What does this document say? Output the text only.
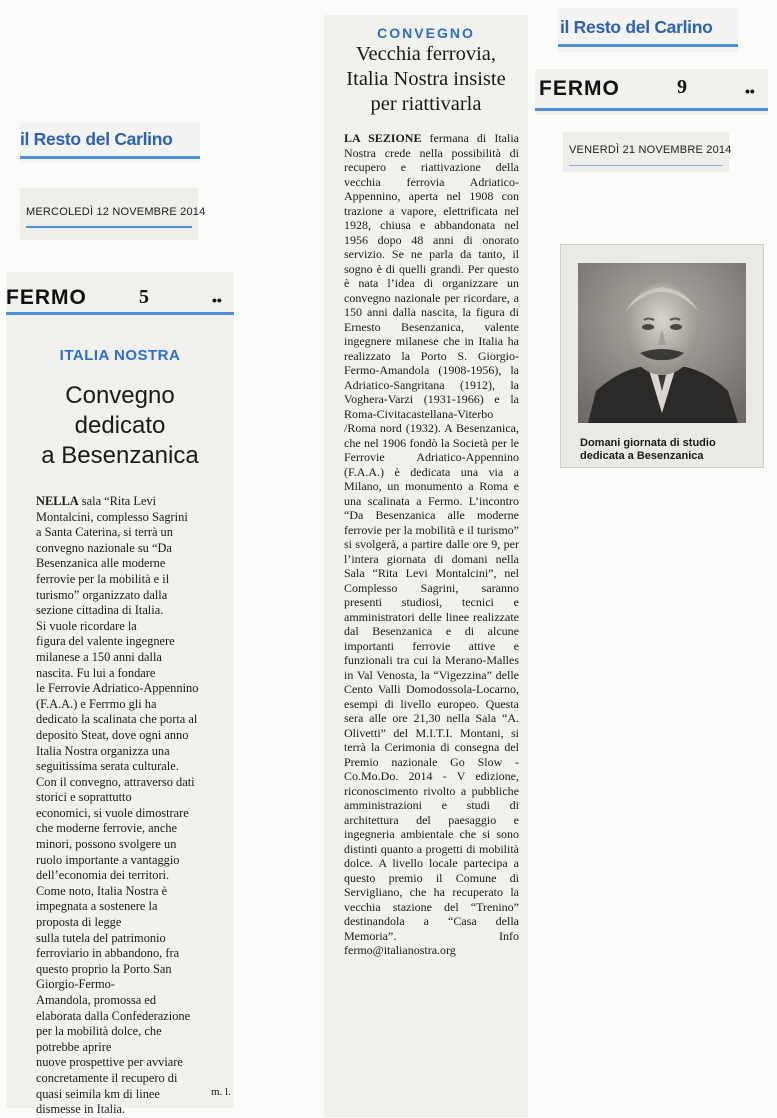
il Resto del Carlino
MERCOLEDÌ 12 NOVEMBRE 2014
FERMO	5	••
ITALIA NOSTRA
Convegno
dedicato
a Besenzanica
NELLA sala “Rita Levi
Montalcini, complesso Sagrini
a Santa Caterina, si terrà un
convegno nazionale su “Da
Besenzanica alle moderne
ferrovie per la mobilità e il
turismo” organizzato dalla
sezione cittadina di Italia.
Si vuole ricordare la
figura del valente ingegnere
milanese a 150 anni dalla
nascita. Fu lui a fondare
le Ferrovie Adriatico-Appennino
(F.A.A.) e Ferrmo gli ha
dedicato la scalinata che porta al
deposito Steat, dove ogni anno
Italia Nostra organizza una
seguitissima serata culturale.
Con il convegno, attraverso dati
storici e soprattutto
economici, si vuole dimostrare
che moderne ferrovie, anche
minori, possono svolgere un
ruolo importante a vantaggio
dell’economia dei territori.
Come noto, Italia Nostra è
impegnata a sostenere la
proposta di legge
sulla tutela del patrimonio
ferroviario in abbandono, fra
questo proprio la Porto San
Giorgio-Fermo-
Amandola, promossa ed
elaborata dalla Confederazione
per la mobilità dolce, che
potrebbe aprire
nuove prospettive per avviare
concretamente il recupero di
quasi seimila km di linee
dismesse in Italia.
m. l.
CONVEGNO
Vecchia ferrovia,
Italia Nostra insiste
per riattivarla
LA SEZIONE fermana di Italia Nostra crede nella possibilità di recupero e riattivazione della vecchia ferrovia Adriatico-Appennino, aperta nel 1908 con trazione a vapore, elettrificata nel 1928, chiusa e abbandonata nel 1956 dopo 48 anni di onorato servizio. Se ne parla da tanto, il sogno è di quelli grandi. Per questo è nata l’idea di organizzare un convegno nazionale per ricordare, a 150 anni dalla nascita, la figura di Ernesto Besenzanica, valente ingegnere milanese che in Italia ha realizzato la Porto S. Giorgio-Fermo-Amandola (1908-1956), la Adriatico-Sangritana (1912), la Voghera-Varzi (1931-1966) e la Roma-Civitacastellana-Viterbo /Roma nord (1932). A Besenzanica, che nel 1906 fondò la Società per le Ferrovie Adriatico-Appennino (F.A.A.) è dedicata una via a Milano, un monumento a Roma e una scalinata a Fermo. L’incontro “Da Besenzanica alle moderne ferrovie per la mobilità e il turismo” si svolgerà, a partire dalle ore 9, per l’intera giornata di domani nella Sala “Rita Levi Montalcini”, nel Complesso Sagrini, saranno presenti studiosi, tecnici e amministratori delle linee realizzate dal Besenzanica e di alcune importanti ferrovie attive e funzionali tra cui la Merano-Malles in Val Venosta, la “Vigezzina” delle Cento Valli Domodossola-Locarno, esempi di livello europeo. Questa sera alle ore 21,30 nella Sala “A. Olivetti” del M.I.T.I. Montani, si terrà la Cerimonia di consegna del Premio nazionale Go Slow - Co.Mo.Do. 2014 - V edizione, riconoscimento rivolto a pubbliche amministrazioni e studi di architettura del paesaggio e ingegneria ambientale che si sono distinti quanto a progetti di mobilità dolce. A livello locale partecipa a questo premio il Comune di Servigliano, che ha recuperato la vecchia stazione del “Trenino” destinandola a “Casa della Memoria”. Info fermo@italianostra.org
il Resto del Carlino
FERMO	9	••
VENERDÌ 21 NOVEMBRE 2014
Domani giornata di studio
dedicata a Besenzanica
